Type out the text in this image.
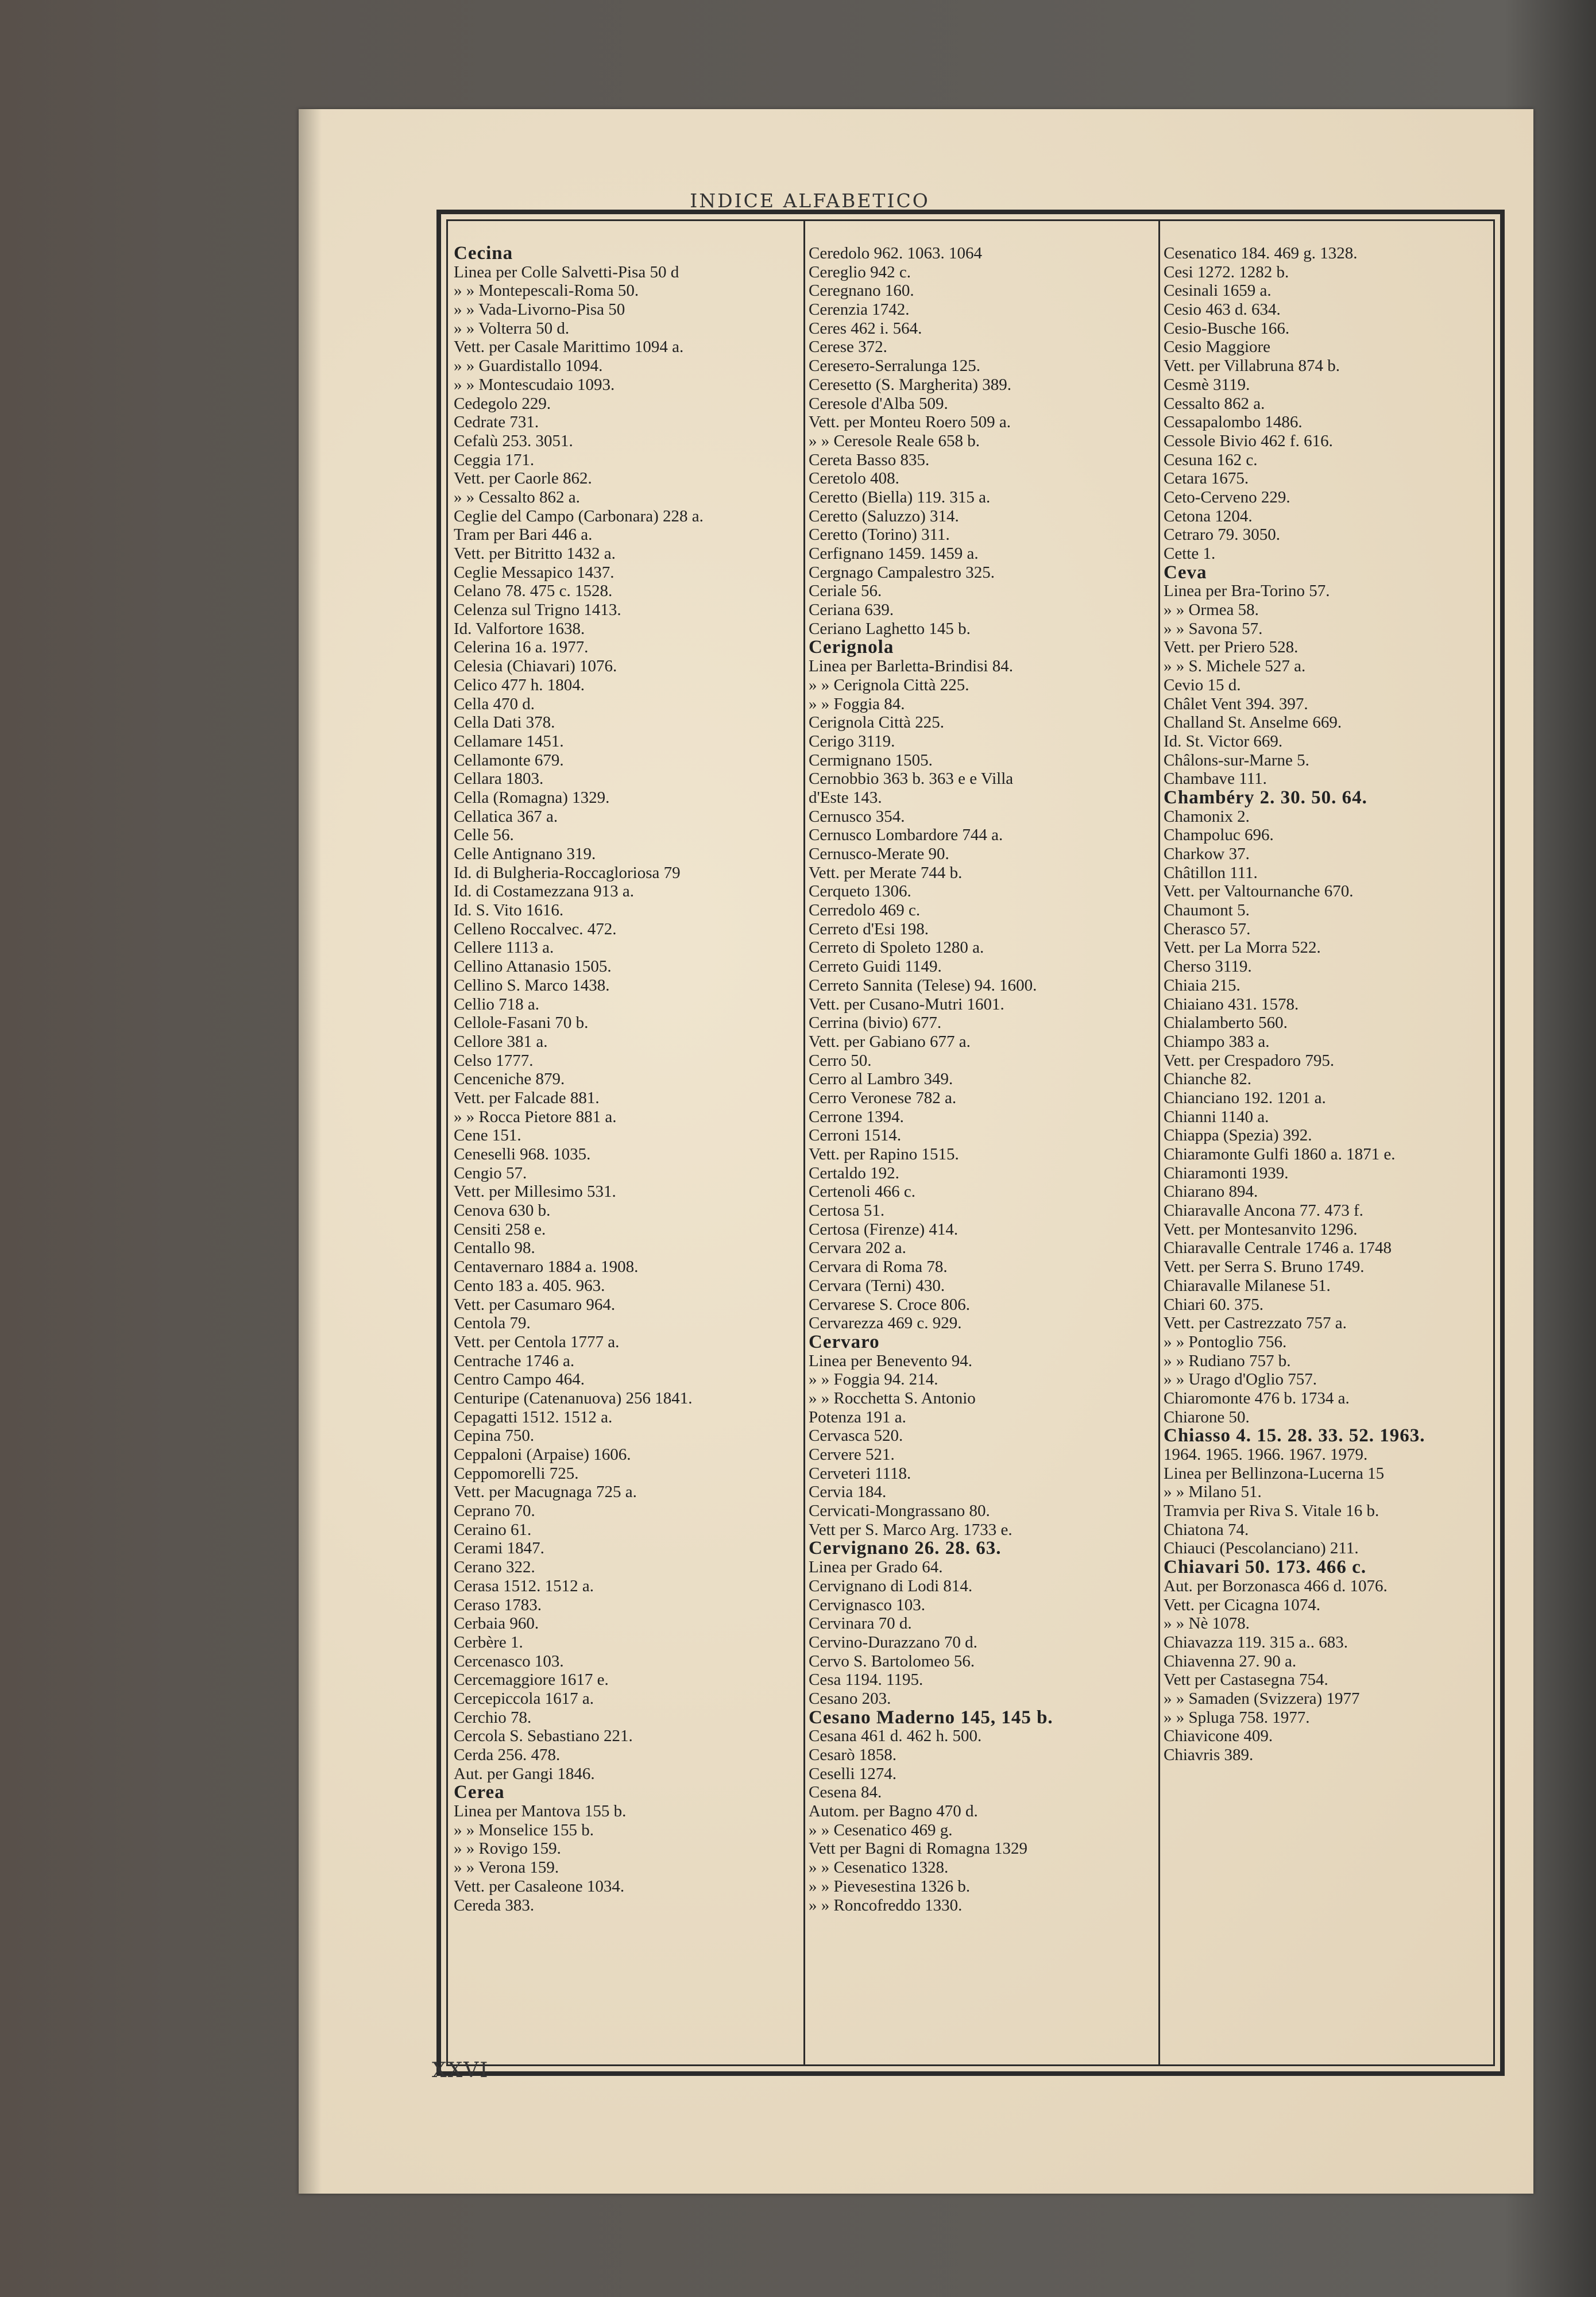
INDICE ALFABETICO
Cecina
Linea per Colle Salvetti-Pisa 50 d
» » Montepescali-Roma 50.
» » Vada-Livorno-Pisa 50
» » Volterra 50 d.
Vett. per Casale Marittimo 1094 a.
» » Guardistallo 1094.
» » Montescudaio 1093.
Cedegolo 229.
Cedrate 731.
Cefalù 253. 3051.
Ceggia 171.
Vett. per Caorle 862.
» » Cessalto 862 a.
Ceglie del Campo (Carbonara) 228 a.
Tram per Bari 446 a.
Vett. per Bitritto 1432 a.
Ceglie Messapico 1437.
Celano 78. 475 c. 1528.
Celenza sul Trigno 1413.
Id. Valfortore 1638.
Celerina 16 a. 1977.
Celesia (Chiavari) 1076.
Celico 477 h. 1804.
Cella 470 d.
Cella Dati 378.
Cellamare 1451.
Cellamonte 679.
Cellara 1803.
Cella (Romagna) 1329.
Cellatica 367 a.
Celle 56.
Celle Antignano 319.
Id. di Bulgheria-Roccagloriosa 79
Id. di Costamezzana 913 a.
Id. S. Vito 1616.
Celleno Roccalvec. 472.
Cellere 1113 a.
Cellino Attanasio 1505.
Cellino S. Marco 1438.
Cellio 718 a.
Cellole-Fasani 70 b.
Cellore 381 a.
Celso 1777.
Cenceniche 879.
Vett. per Falcade 881.
» » Rocca Pietore 881 a.
Cene 151.
Ceneselli 968. 1035.
Cengio 57.
Vett. per Millesimo 531.
Cenova 630 b.
Censiti 258 e.
Centallo 98.
Centavernaro 1884 a. 1908.
Cento 183 a. 405. 963.
Vett. per Casumaro 964.
Centola 79.
Vett. per Centola 1777 a.
Centrache 1746 a.
Centro Campo 464.
Centuripe (Catenanuova) 256 1841.
Cepagatti 1512. 1512 a.
Cepina 750.
Ceppaloni (Arpaise) 1606.
Ceppomorelli 725.
Vett. per Macugnaga 725 a.
Ceprano 70.
Ceraino 61.
Cerami 1847.
Cerano 322.
Cerasa 1512. 1512 a.
Ceraso 1783.
Cerbaia 960.
Cerbère 1.
Cercenasco 103.
Cercemaggiore 1617 e.
Cercepiccola 1617 a.
Cerchio 78.
Cercola S. Sebastiano 221.
Cerda 256. 478.
Aut. per Gangi 1846.
Cerea
Linea per Mantova 155 b.
» » Monselice 155 b.
» » Rovigo 159.
» » Verona 159.
Vett. per Casaleone 1034.
Cereda 383.
Ceredolo 962. 1063. 1064
Cereglio 942 c.
Ceregnano 160.
Cerenzia 1742.
Ceres 462 i. 564.
Cerese 372.
Ceresето-Serralunga 125.
Ceresetto (S. Margherita) 389.
Ceresole d'Alba 509.
Vett. per Monteu Roero 509 a.
» » Ceresole Reale 658 b.
Cereta Basso 835.
Ceretolo 408.
Ceretto (Biella) 119. 315 a.
Ceretto (Saluzzo) 314.
Ceretto (Torino) 311.
Cerfignano 1459. 1459 a.
Cergnago Campalestro 325.
Ceriale 56.
Ceriana 639.
Ceriano Laghetto 145 b.
Cerignola
Linea per Barletta-Brindisi 84.
» » Cerignola Città 225.
» » Foggia 84.
Cerignola Città 225.
Cerigo 3119.
Cermignano 1505.
Cernobbio 363 b. 363 e e Villa
d'Este 143.
Cernusco 354.
Cernusco Lombardore 744 a.
Cernusco-Merate 90.
Vett. per Merate 744 b.
Cerqueto 1306.
Cerredolo 469 c.
Cerreto d'Esi 198.
Cerreto di Spoleto 1280 a.
Cerreto Guidi 1149.
Cerreto Sannita (Telese) 94. 1600.
Vett. per Cusano-Mutri 1601.
Cerrina (bivio) 677.
Vett. per Gabiano 677 a.
Cerro 50.
Cerro al Lambro 349.
Cerro Veronese 782 a.
Cerrone 1394.
Cerroni 1514.
Vett. per Rapino 1515.
Certaldo 192.
Certenoli 466 c.
Certosa 51.
Certosa (Firenze) 414.
Cervara 202 a.
Cervara di Roma 78.
Cervara (Terni) 430.
Cervarese S. Croce 806.
Cervarezza 469 c. 929.
Cervaro
Linea per Benevento 94.
» » Foggia 94. 214.
» » Rocchetta S. Antonio
Potenza 191 a.
Cervasca 520.
Cervere 521.
Cerveteri 1118.
Cervia 184.
Cervicati-Mongrassano 80.
Vett per S. Marco Arg. 1733 e.
Cervignano 26. 28. 63.
Linea per Grado 64.
Cervignano di Lodi 814.
Cervignasco 103.
Cervinara 70 d.
Cervino-Durazzano 70 d.
Cervo S. Bartolomeo 56.
Cesa 1194. 1195.
Cesano 203.
Cesano Maderno 145, 145 b.
Cesana 461 d. 462 h. 500.
Cesarò 1858.
Ceselli 1274.
Cesena 84.
Autom. per Bagno 470 d.
» » Cesenatico 469 g.
Vett per Bagni di Romagna 1329
» » Cesenatico 1328.
» » Pievesestina 1326 b.
» » Roncofreddo 1330.
Cesenatico 184. 469 g. 1328.
Cesi 1272. 1282 b.
Cesinali 1659 a.
Cesio 463 d. 634.
Cesio-Busche 166.
Cesio Maggiore
Vett. per Villabruna 874 b.
Cesmè 3119.
Cessalto 862 a.
Cessapalombo 1486.
Cessole Bivio 462 f. 616.
Cesuna 162 c.
Cetara 1675.
Ceto-Cerveno 229.
Cetona 1204.
Cetraro 79. 3050.
Cette 1.
Ceva
Linea per Bra-Torino 57.
» » Ormea 58.
» » Savona 57.
Vett. per Priero 528.
» » S. Michele 527 a.
Cevio 15 d.
Châlet Vent 394. 397.
Challand St. Anselme 669.
Id. St. Victor 669.
Châlons-sur-Marne 5.
Chambave 111.
Chambéry 2. 30. 50. 64.
Chamonix 2.
Champoluc 696.
Charkow 37.
Châtillon 111.
Vett. per Valtournanche 670.
Chaumont 5.
Cherasco 57.
Vett. per La Morra 522.
Cherso 3119.
Chiaia 215.
Chiaiano 431. 1578.
Chialamberto 560.
Chiampo 383 a.
Vett. per Crespadoro 795.
Chianche 82.
Chianciano 192. 1201 a.
Chianni 1140 a.
Chiappa (Spezia) 392.
Chiaramonte Gulfi 1860 a. 1871 e.
Chiaramonti 1939.
Chiarano 894.
Chiaravalle Ancona 77. 473 f.
Vett. per Montesanvito 1296.
Chiaravalle Centrale 1746 a. 1748
Vett. per Serra S. Bruno 1749.
Chiaravalle Milanese 51.
Chiari 60. 375.
Vett. per Castrezzato 757 a.
» » Pontoglio 756.
» » Rudiano 757 b.
» » Urago d'Oglio 757.
Chiaromonte 476 b. 1734 a.
Chiarone 50.
Chiasso 4. 15. 28. 33. 52. 1963.
1964. 1965. 1966. 1967. 1979.
Linea per Bellinzona-Lucerna 15
» » Milano 51.
Tramvia per Riva S. Vitale 16 b.
Chiatona 74.
Chiauci (Pescolanciano) 211.
Chiavari 50. 173. 466 c.
Aut. per Borzonasca 466 d. 1076.
Vett. per Cicagna 1074.
» » Nè 1078.
Chiavazza 119. 315 a.. 683.
Chiavenna 27. 90 a.
Vett per Castasegna 754.
» » Samaden (Svizzera) 1977
» » Spluga 758. 1977.
Chiavicone 409.
Chiavris 389.
XXVI
